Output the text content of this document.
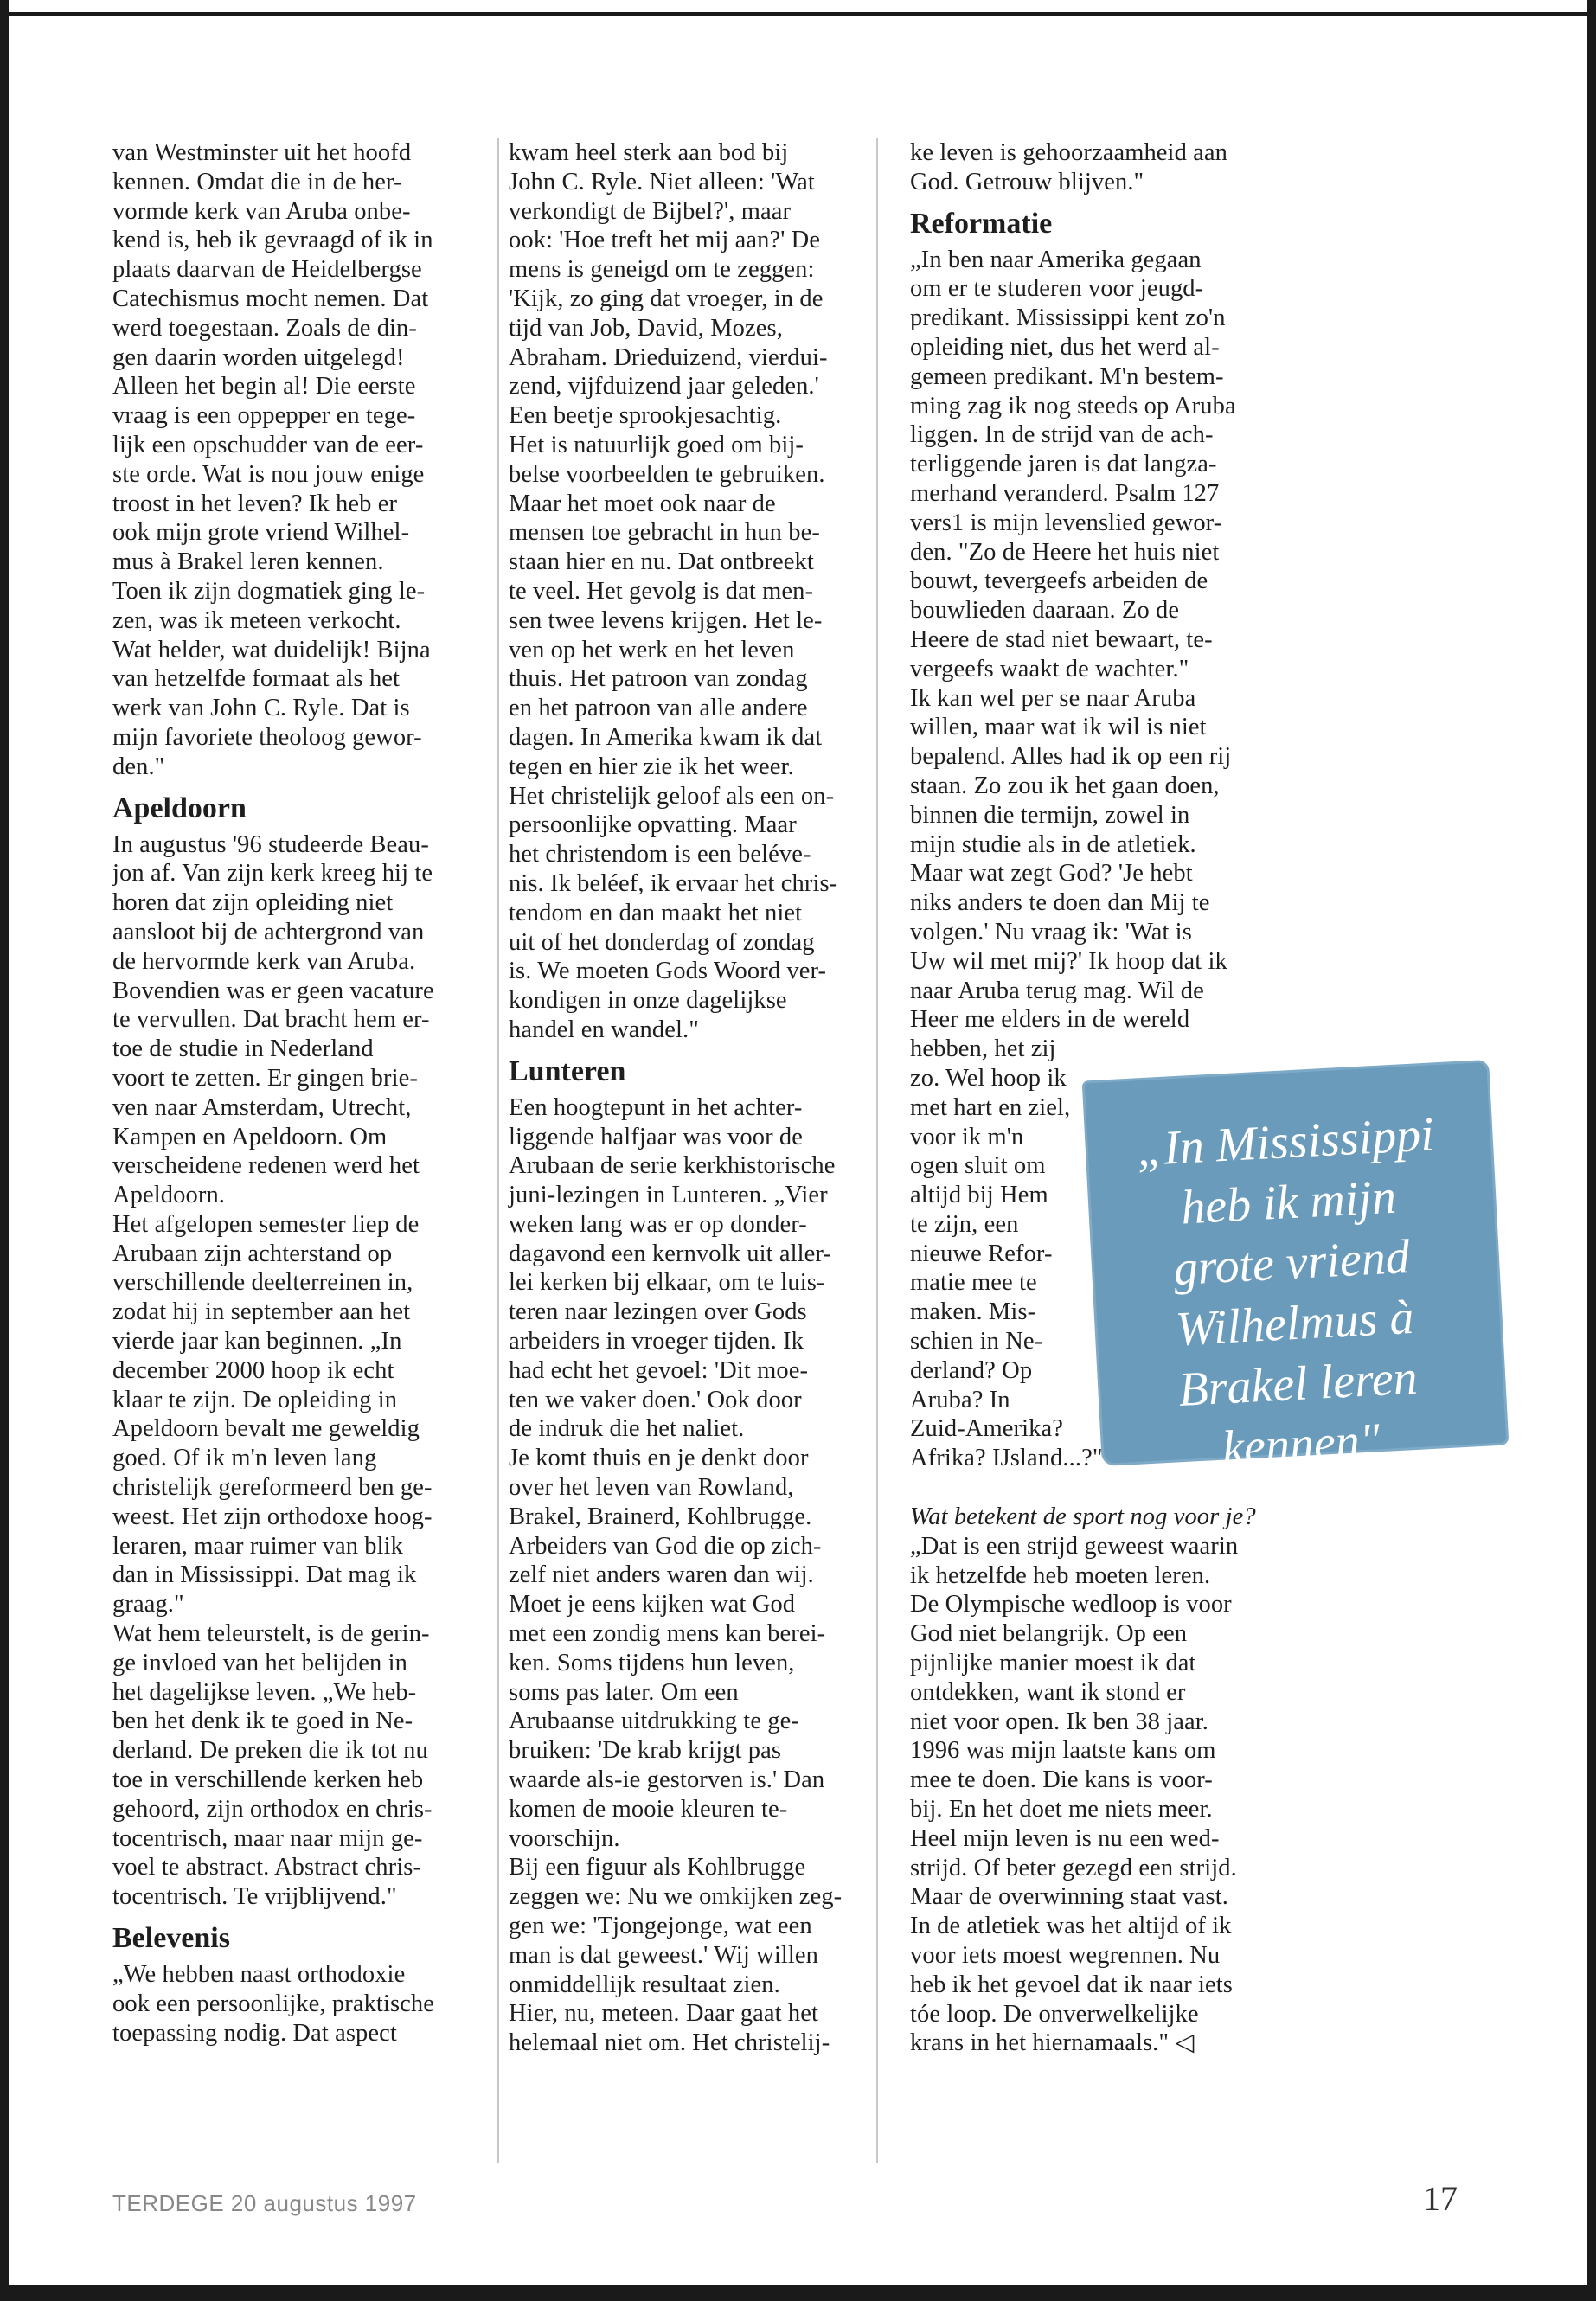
van Westminster uit het hoofd

kennen. Omdat die in de her-

vormde kerk van Aruba onbe-

kend is, heb ik gevraagd of ik in

plaats daarvan de Heidelbergse

Catechismus mocht nemen. Dat

werd toegestaan. Zoals de din-

gen daarin worden uitgelegd!

Alleen het begin al! Die eerste

vraag is een oppepper en tege-

lijk een opschudder van de eer-

ste orde. Wat is nou jouw enige

troost in het leven? Ik heb er

ook mijn grote vriend Wilhel-

mus à Brakel leren kennen.

Toen ik zijn dogmatiek ging le-

zen, was ik meteen verkocht.

Wat helder, wat duidelijk! Bijna

van hetzelfde formaat als het

werk van John C. Ryle. Dat is

mijn favoriete theoloog gewor-

den."

Apeldoorn

In augustus '96 studeerde Beau-

jon af. Van zijn kerk kreeg hij te

horen dat zijn opleiding niet

aansloot bij de achtergrond van

de hervormde kerk van Aruba.

Bovendien was er geen vacature

te vervullen. Dat bracht hem er-

toe de studie in Nederland

voort te zetten. Er gingen brie-

ven naar Amsterdam, Utrecht,

Kampen en Apeldoorn. Om

verscheidene redenen werd het

Apeldoorn.

Het afgelopen semester liep de

Arubaan zijn achterstand op

verschillende deelterreinen in,

zodat hij in september aan het

vierde jaar kan beginnen. „In

december 2000 hoop ik echt

klaar te zijn. De opleiding in

Apeldoorn bevalt me geweldig

goed. Of ik m'n leven lang

christelijk gereformeerd ben ge-

weest. Het zijn orthodoxe hoog-

leraren, maar ruimer van blik

dan in Mississippi. Dat mag ik

graag."

Wat hem teleurstelt, is de gerin-

ge invloed van het belijden in

het dagelijkse leven. „We heb-

ben het denk ik te goed in Ne-

derland. De preken die ik tot nu

toe in verschillende kerken heb

gehoord, zijn orthodox en chris-

tocentrisch, maar naar mijn ge-

voel te abstract. Abstract chris-

tocentrisch. Te vrijblijvend."

Belevenis

„We hebben naast orthodoxie

ook een persoonlijke, praktische

toepassing nodig. Dat aspect

kwam heel sterk aan bod bij

John C. Ryle. Niet alleen: 'Wat

verkondigt de Bijbel?', maar

ook: 'Hoe treft het mij aan?' De

mens is geneigd om te zeggen:

'Kijk, zo ging dat vroeger, in de

tijd van Job, David, Mozes,

Abraham. Drieduizend, vierdui-

zend, vijfduizend jaar geleden.'

Een beetje sprookjesachtig.

Het is natuurlijk goed om bij-

belse voorbeelden te gebruiken.

Maar het moet ook naar de

mensen toe gebracht in hun be-

staan hier en nu. Dat ontbreekt

te veel. Het gevolg is dat men-

sen twee levens krijgen. Het le-

ven op het werk en het leven

thuis. Het patroon van zondag

en het patroon van alle andere

dagen. In Amerika kwam ik dat

tegen en hier zie ik het weer.

Het christelijk geloof als een on-

persoonlijke opvatting. Maar

het christendom is een belév​e-

nis. Ik beléef, ik ervaar het chris-

tendom en dan maakt het niet

uit of het donderdag of zondag

is. We moeten Gods Woord ver-

kondigen in onze dagelijkse

handel en wandel."

Lunteren

Een hoogtepunt in het achter-

liggende halfjaar was voor de

Arubaan de serie kerkhistorische

juni-lezingen in Lunteren. „Vier

weken lang was er op donder-

dagavond een kernvolk uit aller-

lei kerken bij elkaar, om te luis-

teren naar lezingen over Gods

arbeiders in vroeger tijden. Ik

had echt het gevoel: 'Dit moe-

ten we vaker doen.' Ook door

de indruk die het naliet.

Je komt thuis en je denkt door

over het leven van Rowland,

Brakel, Brainerd, Kohlbrugge.

Arbeiders van God die op zich-

zelf niet anders waren dan wij.

Moet je eens kijken wat God

met een zondig mens kan berei-

ken. Soms tijdens hun leven,

soms pas later. Om een

Arubaanse uitdrukking te ge-

bruiken: 'De krab krijgt pas

waarde als-ie gestorven is.' Dan

komen de mooie kleuren te-

voorschijn.

Bij een figuur als Kohlbrugge

zeggen we: Nu we omkijken zeg-

gen we: 'Tjongejonge, wat een

man is dat geweest.' Wij willen

onmiddellijk resultaat zien.

Hier, nu, meteen. Daar gaat het

helemaal niet om. Het christelij-

ke leven is gehoorzaamheid aan

God. Getrouw blijven."

Reformatie

„In ben naar Amerika gegaan

om er te studeren voor jeugd-

predikant. Mississippi kent zo'n

opleiding niet, dus het werd al-

gemeen predikant. M'n bestem-

ming zag ik nog steeds op Aruba

liggen. In de strijd van de ach-

terliggende jaren is dat langza-

merhand veranderd. Psalm 127

vers1 is mijn levenslied gewor-

den. "Zo de Heere het huis niet

bouwt, tevergeefs arbeiden de

bouwlieden daaraan. Zo de

Heere de stad niet bewaart, te-

vergeefs waakt de wachter."

Ik kan wel per se naar Aruba

willen, maar wat ik wil is niet

bepalend. Alles had ik op een rij

staan. Zo zou ik het gaan doen,

binnen die termijn, zowel in

mijn studie als in de atletiek.

Maar wat zegt God? 'Je hebt

niks anders te doen dan Mij te

volgen.' Nu vraag ik: 'Wat is

Uw wil met mij?' Ik hoop dat ik

naar Aruba terug mag. Wil de

Heer me elders in de wereld

hebben, het zij

zo. Wel hoop ik

met hart en ziel,

voor ik m'n

ogen sluit om

altijd bij Hem

te zijn, een

nieuwe Refor-

matie mee te

maken. Mis-

schien in Ne-

derland? Op

Aruba? In

Zuid-Amerika?

Afrika? IJsland...?"

Wat betekent de sport nog voor je?

„Dat is een strijd geweest waarin

ik hetzelfde heb moeten leren.

De Olympische wedloop is voor

God niet belangrijk. Op een

pijnlijke manier moest ik dat

ontdekken, want ik stond er

niet voor open. Ik ben 38 jaar.

1996 was mijn laatste kans om

mee te doen. Die kans is voor-

bij. En het doet me niets meer.

Heel mijn leven is nu een wed-

strijd. Of beter gezegd een strijd.

Maar de overwinning staat vast.

In de atletiek was het altijd of ik

voor iets moest wegrennen. Nu

heb ik het gevoel dat ik naar iets

tóe loop. De onverwelkelijke

krans in het hiernamaals." ◁

„In Mississippi
heb ik mijn
grote vriend
Wilhelmus à
Brakel leren
kennen"
TERDEGE 20 augustus 1997	17
